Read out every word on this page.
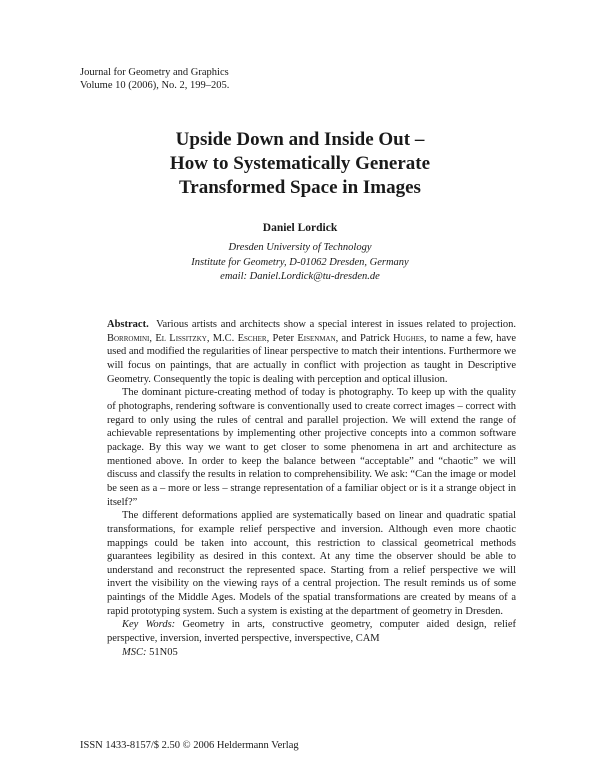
Journal for Geometry and Graphics
Volume 10 (2006), No. 2, 199–205.
Upside Down and Inside Out –
How to Systematically Generate
Transformed Space in Images
Daniel Lordick
Dresden University of Technology
Institute for Geometry, D-01062 Dresden, Germany
email: Daniel.Lordick@tu-dresden.de

Abstract. Various artists and architects show a special interest in issues related to projection. Borromini, El Lissitzky, M.C. Escher, Peter Eisenman, and Patrick Hughes, to name a few, have used and modified the regularities of linear perspective to match their intentions. Furthermore we will focus on paintings, that are actually in conflict with projection as taught in Descriptive Geometry. Consequently the topic is dealing with perception and optical illusion.

The dominant picture-creating method of today is photography. To keep up with the quality of photographs, rendering software is conventionally used to create correct images – correct with regard to only using the rules of central and parallel projection. We will extend the range of achievable representations by implementing other projective concepts into a common software package. By this way we want to get closer to some phenomena in art and architecture as mentioned above. In order to keep the balance between “acceptable” and “chaotic” we will discuss and classify the results in relation to comprehensibility. We ask: “Can the image or model be seen as a – more or less – strange representation of a familiar object or is it a strange object in itself?”

The different deformations applied are systematically based on linear and quadratic spatial transformations, for example relief perspective and inversion. Although even more chaotic mappings could be taken into account, this restriction to classical geometrical methods guarantees legibility as desired in this context. At any time the observer should be able to understand and reconstruct the represented space. Starting from a relief perspective we will invert the visibility on the viewing rays of a central projection. The result reminds us of some paintings of the Middle Ages. Models of the spatial transformations are created by means of a rapid prototyping system. Such a system is existing at the department of geometry in Dresden.

Key Words: Geometry in arts, constructive geometry, computer aided design, relief perspective, inversion, inverted perspective, inverspective, CAM

MSC: 51N05

ISSN 1433-8157/$ 2.50 © 2006 Heldermann Verlag
